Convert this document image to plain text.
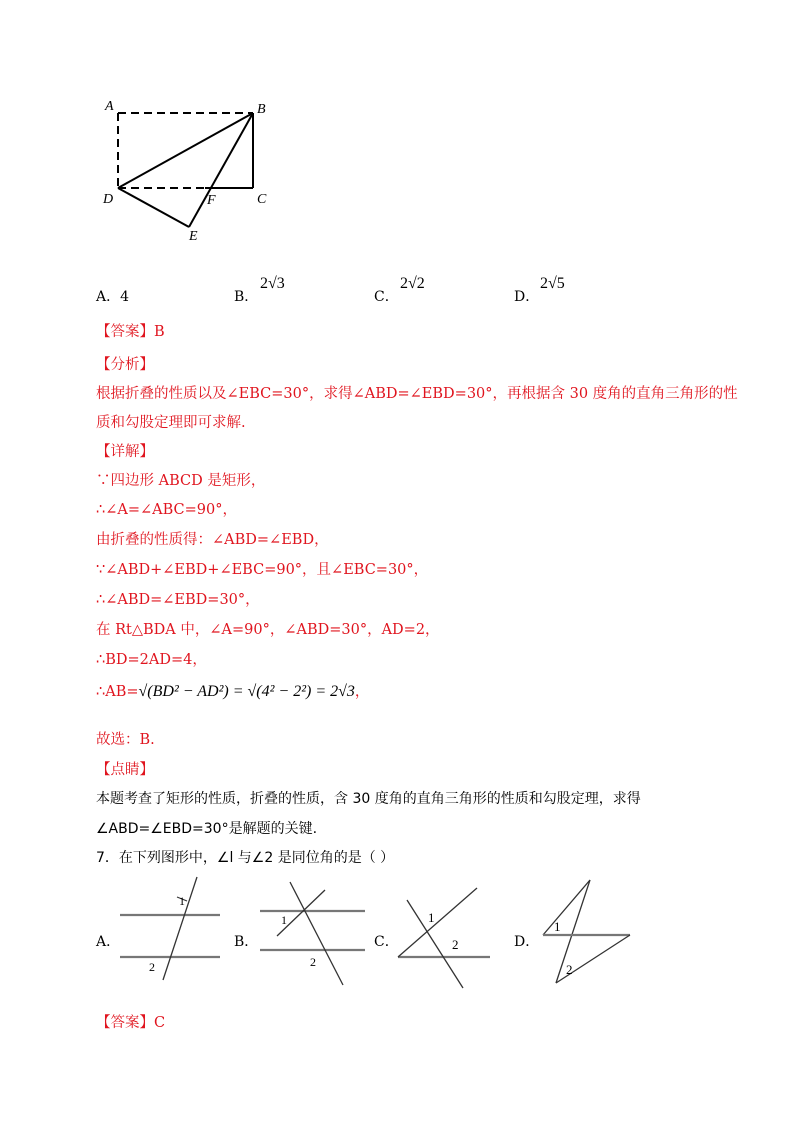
A	B
C
D
E
F
A．4	B．
2√3
C．
2√2
D．
2√5
【答案】B
【分析】
根据折叠的性质以及∠EBC=30°，求得∠ABD=∠EBD=30°，再根据含 30 度角的直角三角形的性
质和勾股定理即可求解.
【详解】
∵四边形 ABCD 是矩形，
∴∠A=∠ABC=90°，
由折叠的性质得：∠ABD=∠EBD，
∵∠ABD+∠EBD+∠EBC=90°，且∠EBC=30°，
∴∠ABD=∠EBD=30°，
在 Rt△BDA 中，∠A=90°，∠ABD=30°，AD=2，
∴BD=2AD=4，
∴AB=√(BD² − AD²) = √(4² − 2²) = 2√3，
故选：B.
【点睛】
本题考查了矩形的性质，折叠的性质，含 30 度角的直角三角形的性质和勾股定理，求得
∠ABD=∠EBD=30°是解题的关键.
7．在下列图形中，∠l 与∠2 是同位角的是（ ）
A．
1
2
B．
1
2
C．
1
2	D．
1
2
【答案】C
